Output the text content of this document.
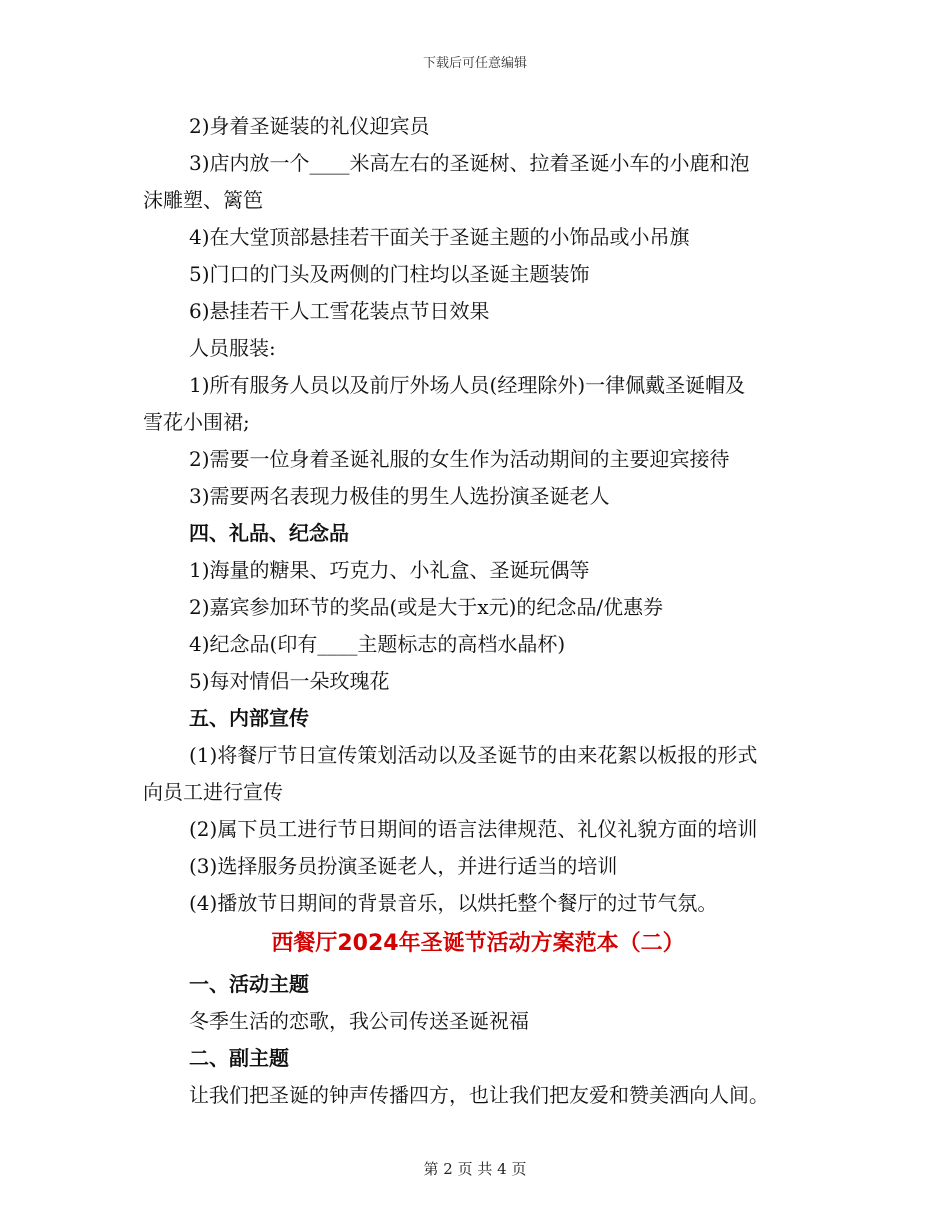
下载后可任意编辑
2)身着圣诞装的礼仪迎宾员
3)店内放一个____米高左右的圣诞树、拉着圣诞小车的小鹿和泡
沫雕塑、篱笆
4)在大堂顶部悬挂若干面关于圣诞主题的小饰品或小吊旗
5)门口的门头及两侧的门柱均以圣诞主题装饰
6)悬挂若干人工雪花装点节日效果
人员服装:
1)所有服务人员以及前厅外场人员(经理除外)一律佩戴圣诞帽及
雪花小围裙;
2)需要一位身着圣诞礼服的女生作为活动期间的主要迎宾接待
3)需要两名表现力极佳的男生人选扮演圣诞老人
四、礼品、纪念品
1)海量的糖果、巧克力、小礼盒、圣诞玩偶等
2)嘉宾参加环节的奖品(或是大于x元)的纪念品/优惠券
4)纪念品(印有____主题标志的高档水晶杯)
5)每对情侣一朵玫瑰花
五、内部宣传
(1)将餐厅节日宣传策划活动以及圣诞节的由来花絮以板报的形式
向员工进行宣传
(2)属下员工进行节日期间的语言法律规范、礼仪礼貌方面的培训
(3)选择服务员扮演圣诞老人，并进行适当的培训
(4)播放节日期间的背景音乐，以烘托整个餐厅的过节气氛。
西餐厅2024年圣诞节活动方案范本（二）
一、活动主题
冬季生活的恋歌，我公司传送圣诞祝福
二、副主题
让我们把圣诞的钟声传播四方，也让我们把友爱和赞美洒向人间。
第 2 页 共 4 页
